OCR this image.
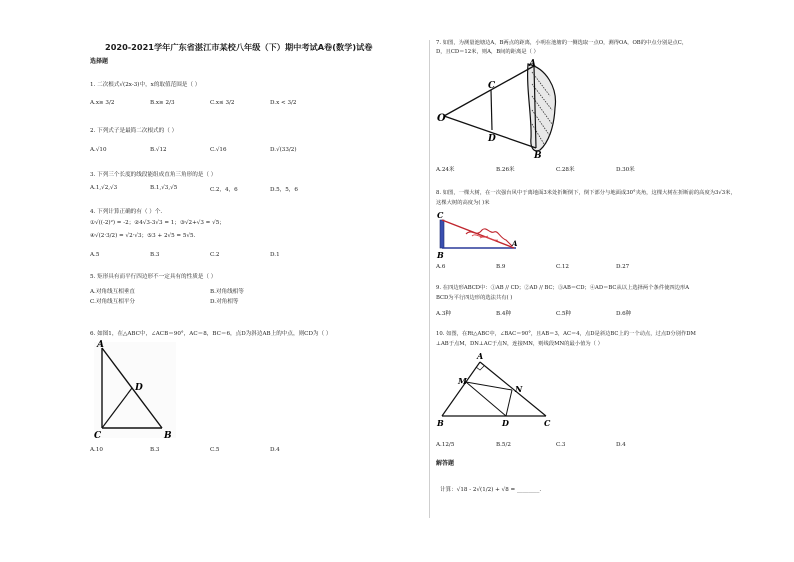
2020-2021学年广东省湛江市某校八年级（下）期中考试A卷(数学)试卷
选择题
1. 二次根式√(2x-3)中，x的取值范围是（ ）
A.x≥ 3/2	B.x≥ 2/3	C.x≤ 3/2	D.x < 3/2
2. 下列式子是最简二次根式的（ ）
A.√10	B.√12	C.√16	D.√(33/2)
3. 下列三个长度的线段能组成直角三角形的是（ ）
A.1,√2,√3	B.1,√3,√5	C.2，4，6	D.5，5，6
4. 下列计算正确的有（ ）个.
①√((-2)²) = -2；②4√3-3√3 = 1；③√2+√3 = √5；
④√(2·3/2) = √2·√3；⑤3 + 2√5 = 5√5.
A.5	B.3	C.2	D.1
5. 矩形具有而平行四边形不一定具有的性质是（ ）
A.对角线互相垂直	B.对角线相等
C.对角线互相平分	D.对角相等
6. 如图1，在△ABC中，∠ACB＝90°，AC＝8，BC＝6，点D为斜边AB上的中点，则CD为（ ）
A
D
C	B
A.10	B.3	C.5	D.4
7. 如图，为测量池塘边A，B两点的距离，小明在池塘的一侧选取一点O，测得OA，OB的中点分别是点C，
D，且CD＝12米，则A，B间的距离是（ ）
O
A
C
D
B
A.24米	B.26米	C.28米	D.30米
8. 如图，一棵大树，在一次强台风中于离地面3米处折断倒下，倒下部分与地面成30°夹角，这棵大树在折断前的高度为3√3米，
这棵大树的高度为( )米
C
B
A
A.6	B.9	C.12	D.27
9. 在四边形ABCD中：①AB // CD；②AD // BC；③AB＝CD；④AD＝BC从以上选择两个条件使四边形A
BCD为平行四边形的选法共有( )
A.3种	B.4种	C.5种	D.6种
10. 如图，在Rt△ABC中，∠BAC＝90°，且AB＝3，AC＝4，点D是斜边BC上的一个动点，过点D分别作DM
⊥AB于点M，DN⊥AC于点N，连接MN，则线段MN的最小值为（ ）
A
M
N
B	D	C
A.12/5	B.5/2	C.3	D.4
解答题
计算：√18 - 2√(1/2) + √8 = ________.
